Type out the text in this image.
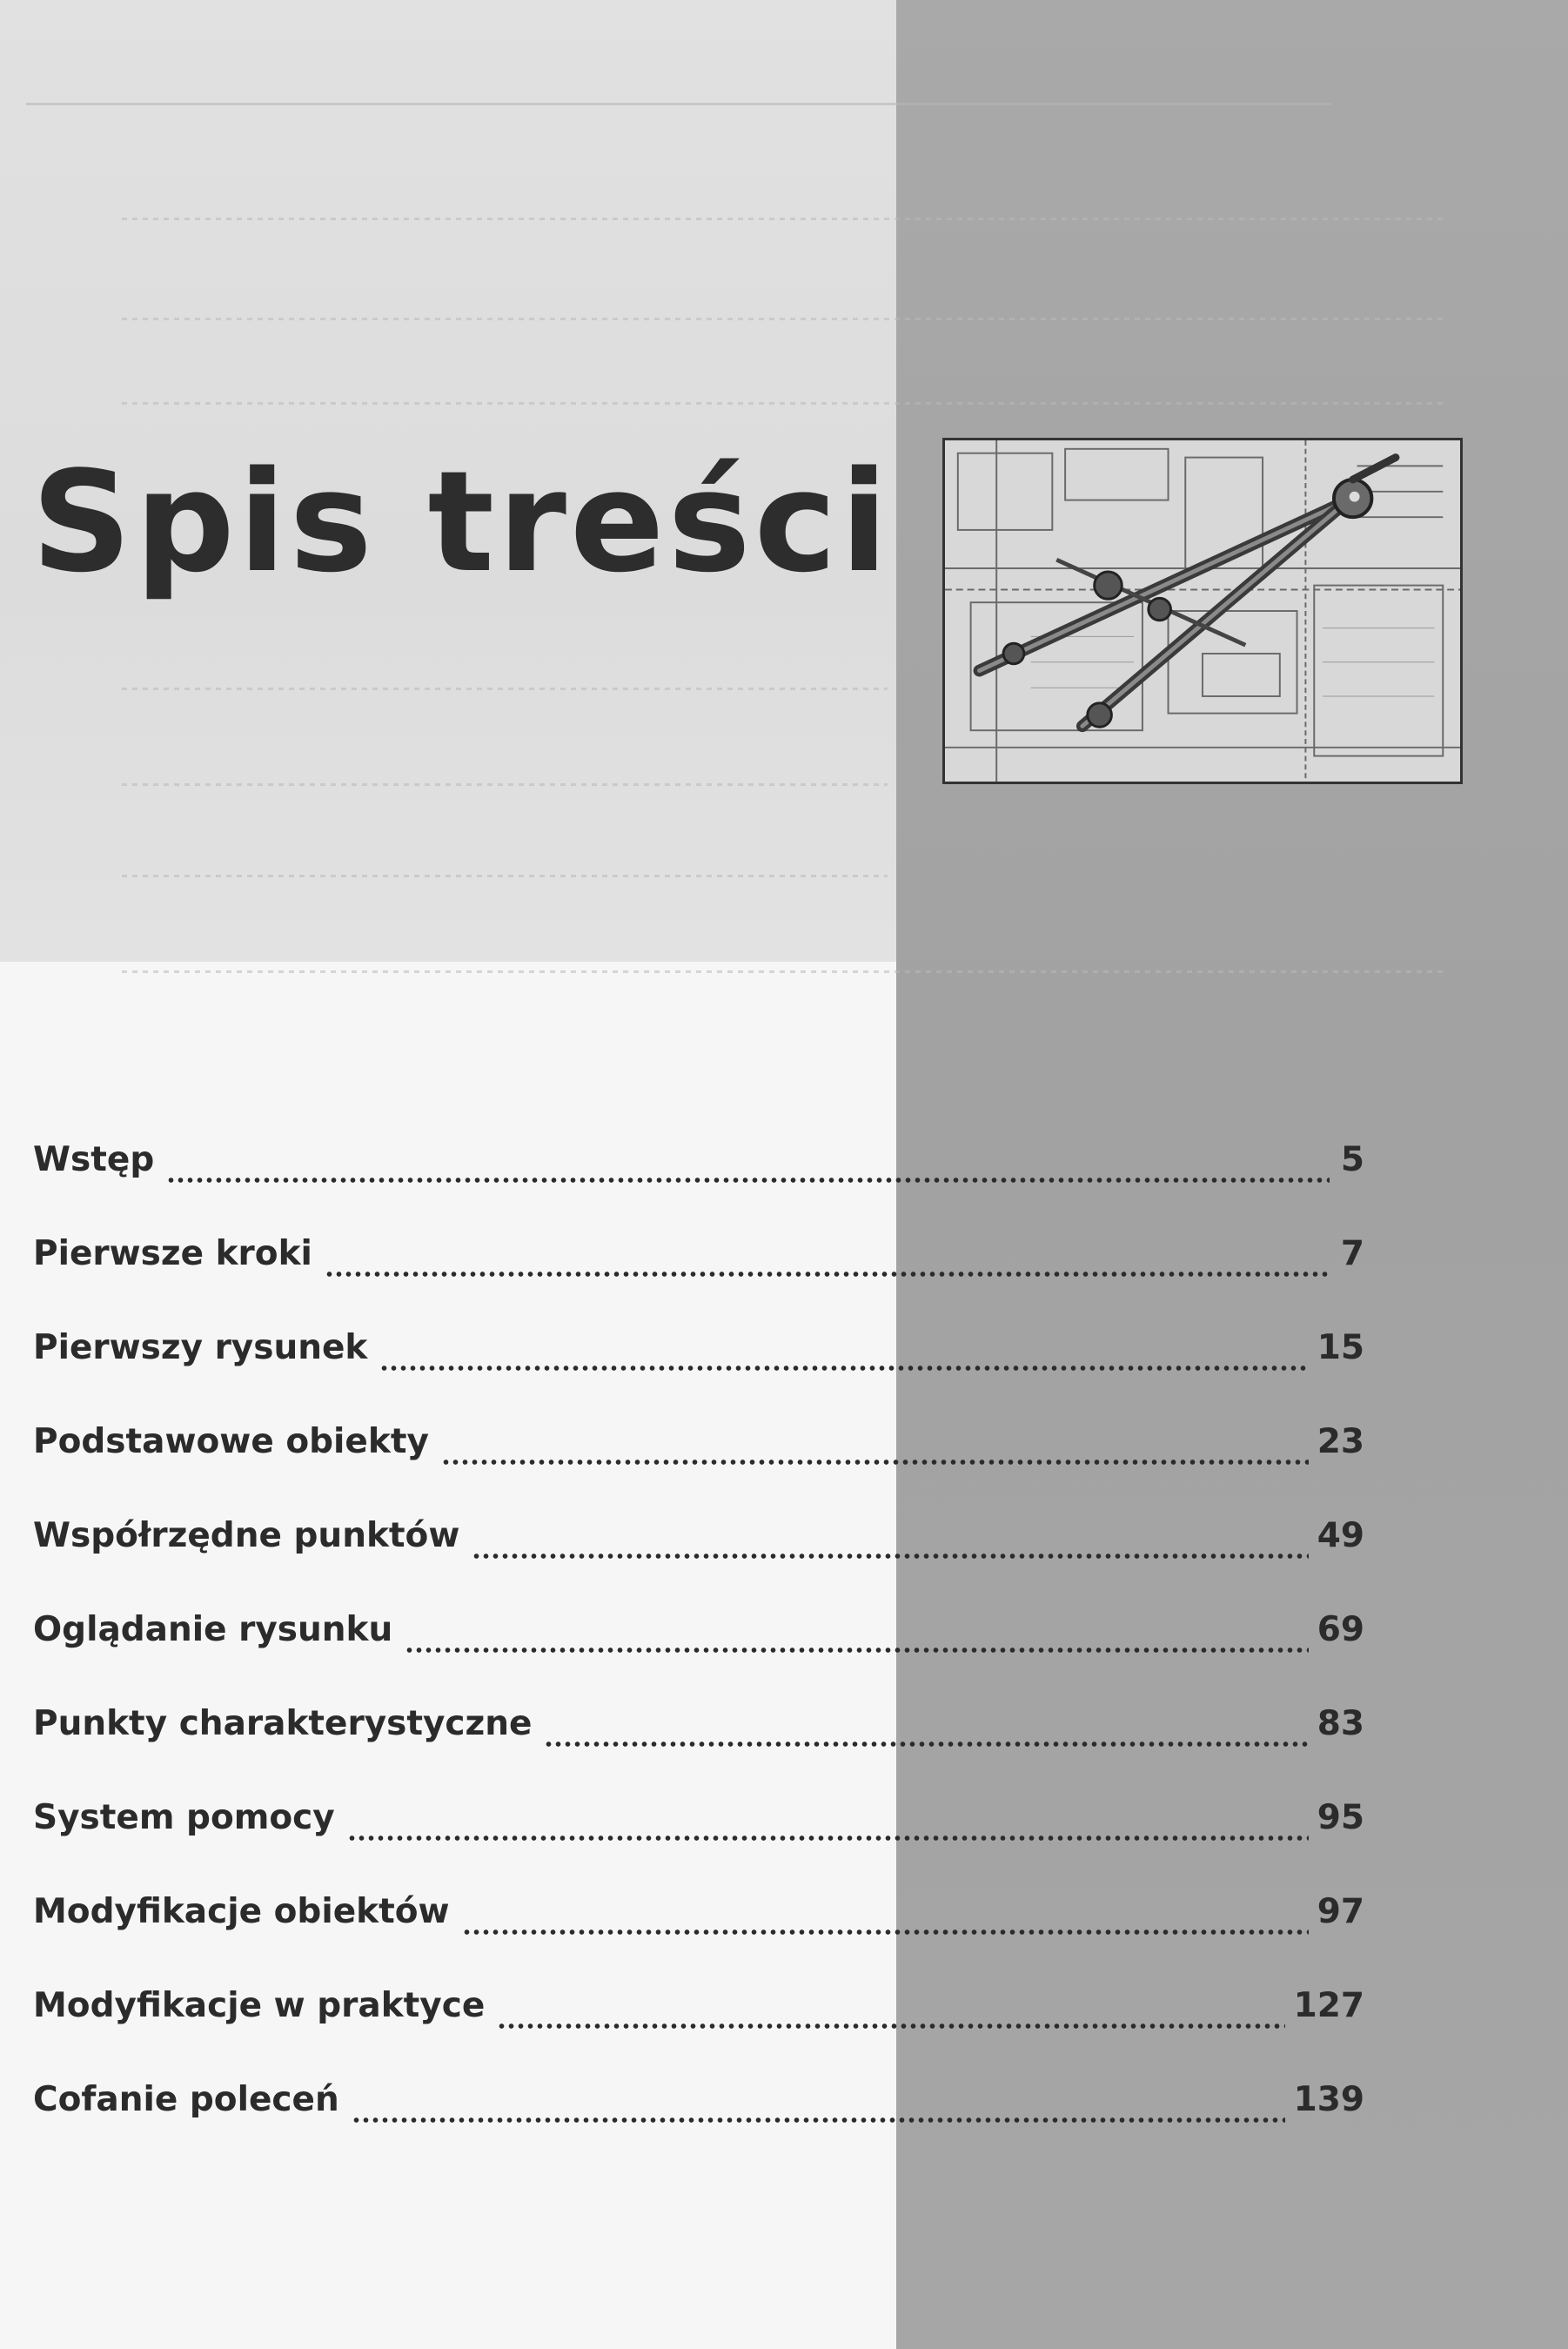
Spis treści
Wstęp	5
Pierwsze kroki	7
Pierwszy rysunek	15
Podstawowe obiekty	23
Współrzędne punktów	49
Oglądanie rysunku	69
Punkty charakterystyczne	83
System pomocy	95
Modyfikacje obiektów	97
Modyfikacje w praktyce	127
Cofanie poleceń	139
